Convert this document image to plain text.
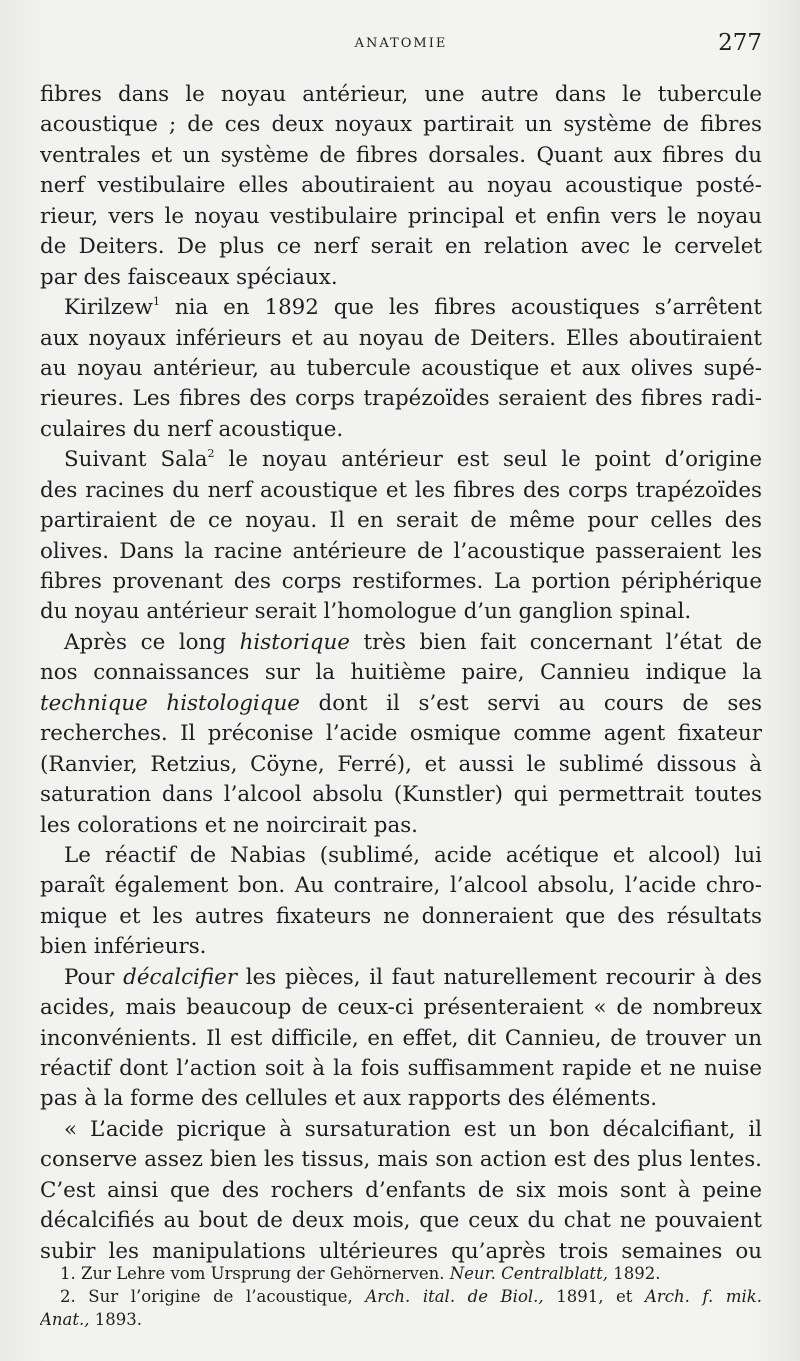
ANATOMIE	277
fibres dans le noyau antérieur, une autre dans le tubercule
acoustique ; de ces deux noyaux partirait un système de fibres
ventrales et un système de fibres dorsales. Quant aux fibres du
nerf vestibulaire elles aboutiraient au noyau acoustique posté-
rieur, vers le noyau vestibulaire principal et enfin vers le noyau
de Deiters. De plus ce nerf serait en relation avec le cervelet
par des faisceaux spéciaux.
Kirilzew$^1$ nia en 1892 que les fibres acoustiques s’arrêtent
aux noyaux inférieurs et au noyau de Deiters. Elles aboutiraient
au noyau antérieur, au tubercule acoustique et aux olives supé-
rieures. Les fibres des corps trapézoïdes seraient des fibres radi-
culaires du nerf acoustique.
Suivant Sala$^2$ le noyau antérieur est seul le point d’origine
des racines du nerf acoustique et les fibres des corps trapézoïdes
partiraient de ce noyau. Il en serait de même pour celles des
olives. Dans la racine antérieure de l’acoustique passeraient les
fibres provenant des corps restiformes. La portion périphérique
du noyau antérieur serait l’homologue d’un ganglion spinal.
Après ce long historique très bien fait concernant l’état de
nos connaissances sur la huitième paire, Cannieu indique la
technique histologique dont il s’est servi au cours de ses
recherches. Il préconise l’acide osmique comme agent fixateur
(Ranvier, Retzius, Cöyne, Ferré), et aussi le sublimé dissous à
saturation dans l’alcool absolu (Kunstler) qui permettrait toutes
les colorations et ne noircirait pas.
Le réactif de Nabias (sublimé, acide acétique et alcool) lui
paraît également bon. Au contraire, l’alcool absolu, l’acide chro-
mique et les autres fixateurs ne donneraient que des résultats
bien inférieurs.
Pour décalcifier les pièces, il faut naturellement recourir à des
acides, mais beaucoup de ceux-ci présenteraient « de nombreux
inconvénients. Il est difficile, en effet, dit Cannieu, de trouver un
réactif dont l’action soit à la fois suffisamment rapide et ne nuise
pas à la forme des cellules et aux rapports des éléments.
« L’acide picrique à sursaturation est un bon décalcifiant, il
conserve assez bien les tissus, mais son action est des plus lentes.
C’est ainsi que des rochers d’enfants de six mois sont à peine
décalcifiés au bout de deux mois, que ceux du chat ne pouvaient
subir les manipulations ultérieures qu’après trois semaines ou
1. Zur Lehre vom Ursprung der Gehörnerven. Neur. Centralblatt, 1892.
2. Sur l’origine de l’acoustique, Arch. ital. de Biol., 1891, et Arch. f. mik.
Anat., 1893.
